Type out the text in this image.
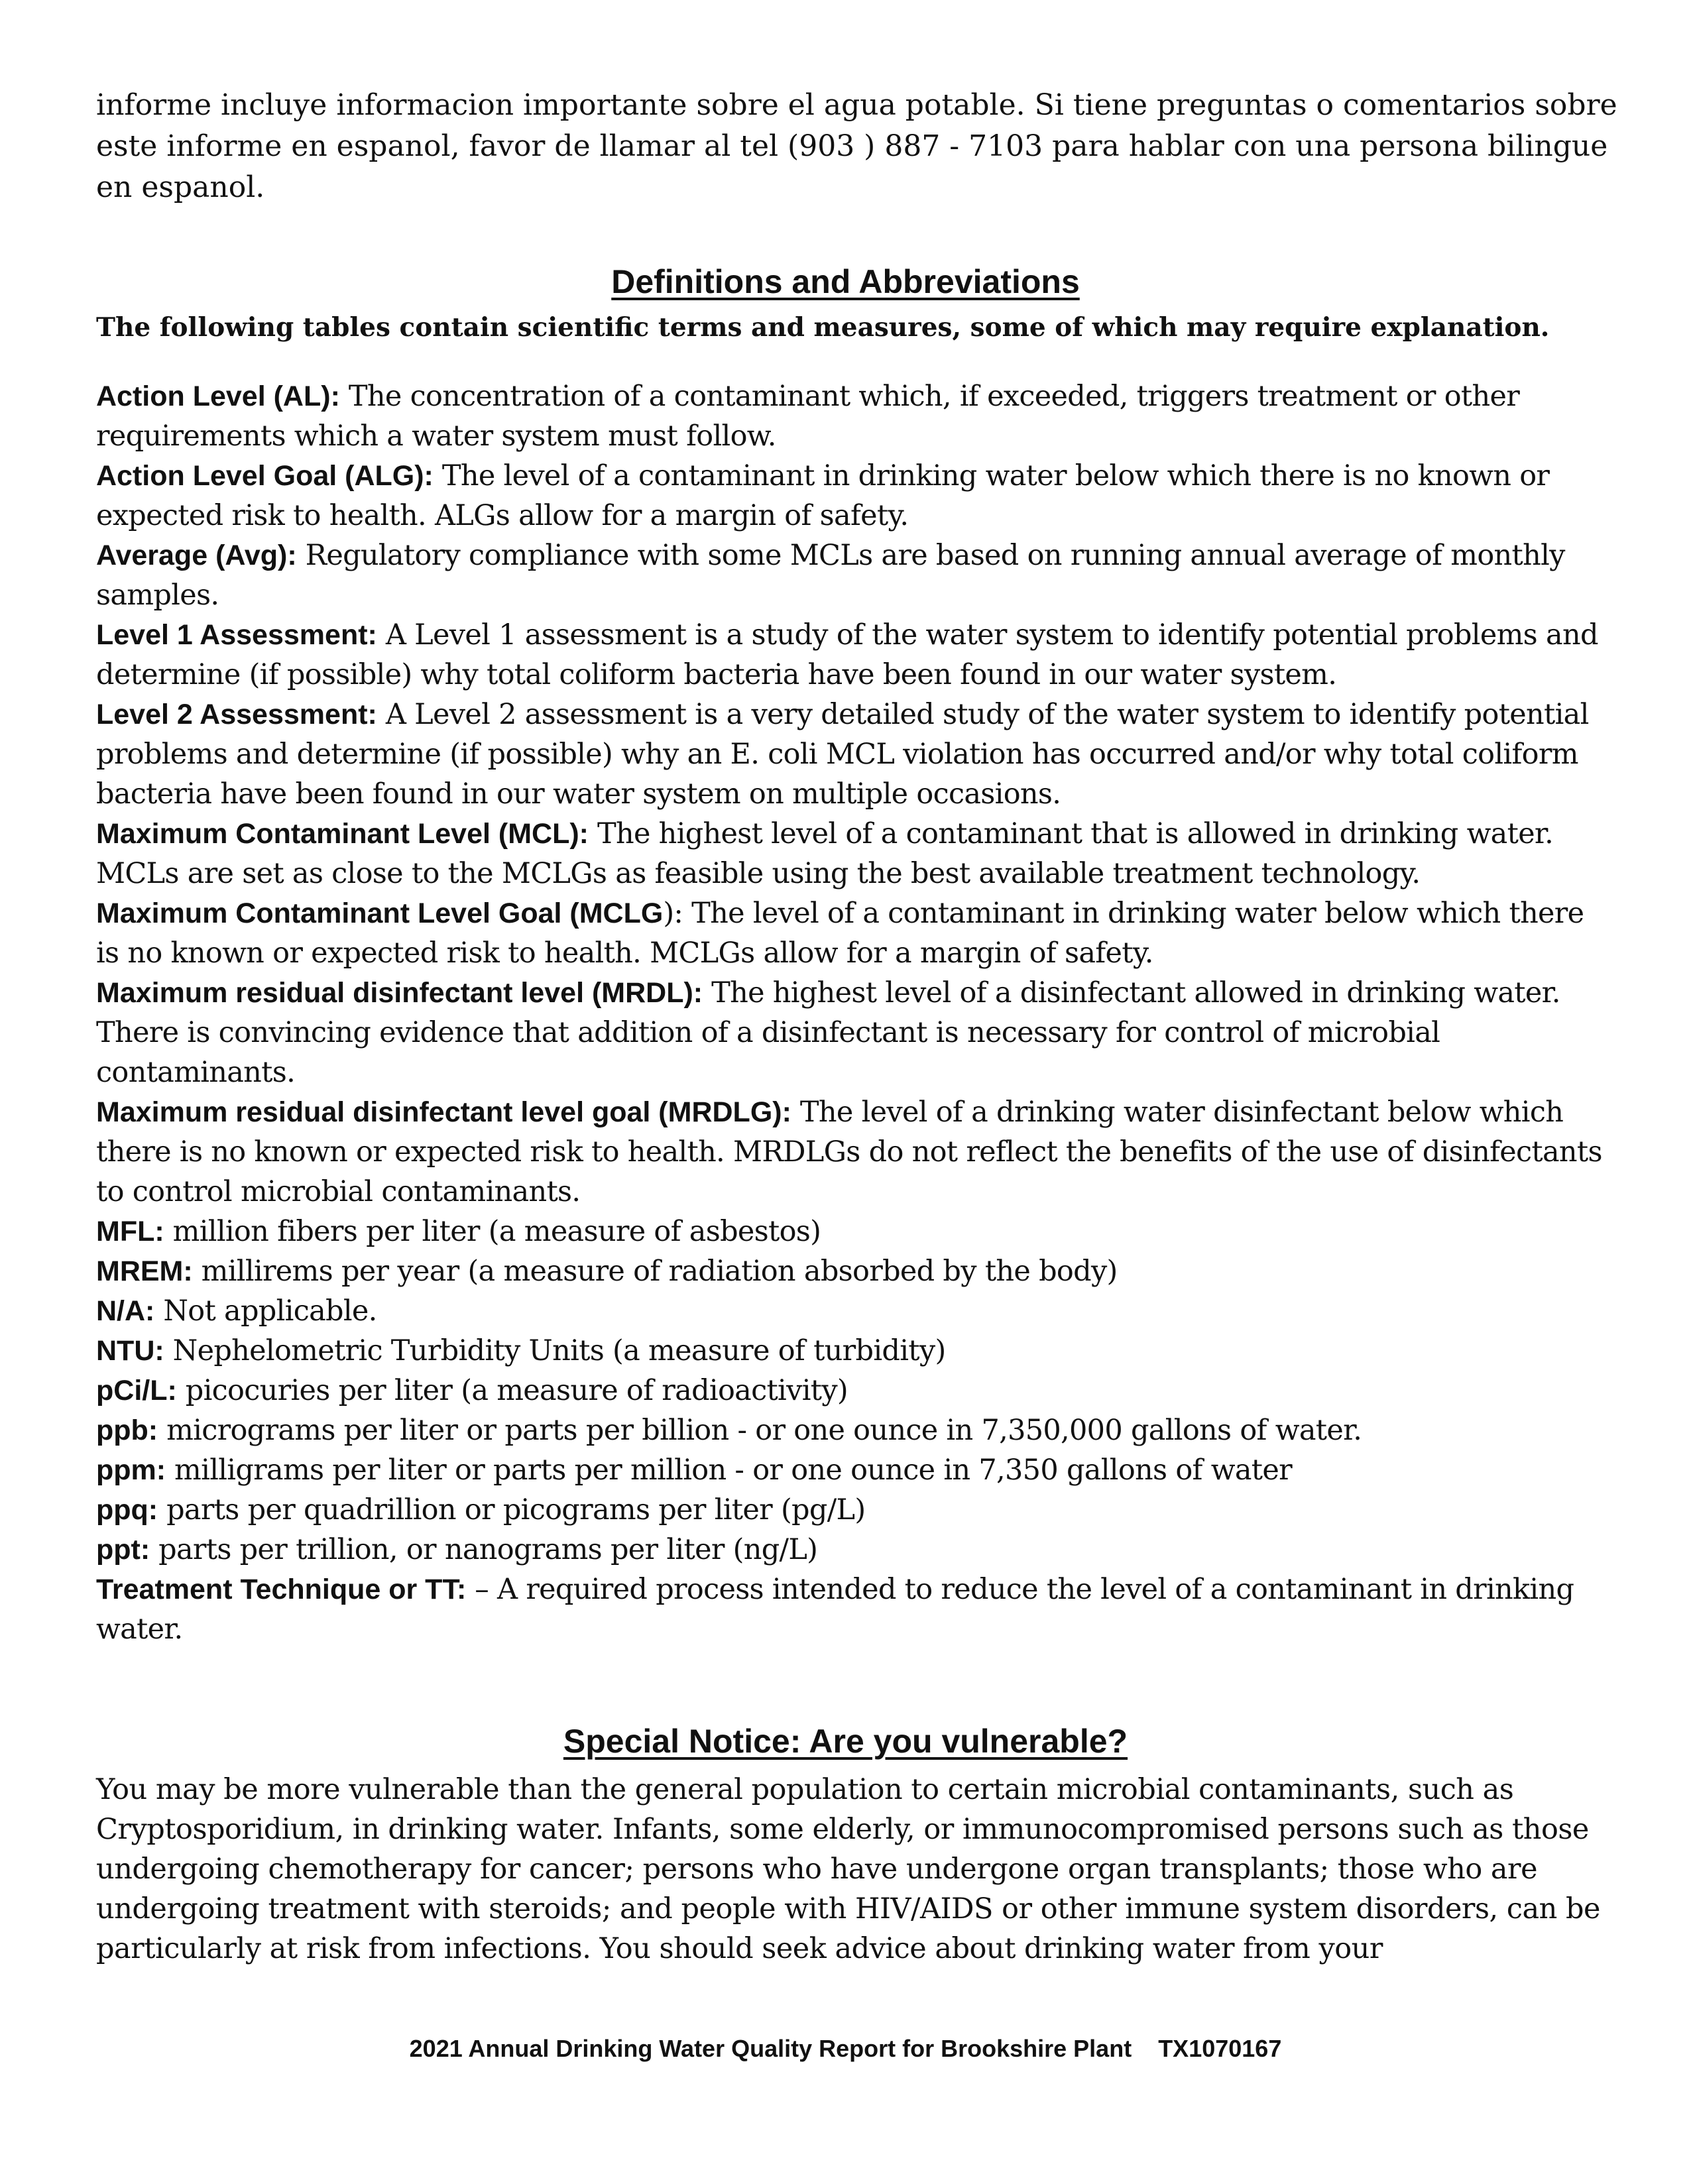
informe incluye informacion importante sobre el agua potable. Si tiene preguntas o comentarios sobre este informe en espanol, favor de llamar al tel (903 ) 887 - 7103 para hablar con una persona bilingue en espanol.

Definitions and Abbreviations

The following tables contain scientific terms and measures, some of which may require explanation.

Action Level (AL): The concentration of a contaminant which, if exceeded, triggers treatment or other requirements which a water system must follow.
Action Level Goal (ALG): The level of a contaminant in drinking water below which there is no known or expected risk to health. ALGs allow for a margin of safety.
Average (Avg): Regulatory compliance with some MCLs are based on running annual average of monthly samples.
Level 1 Assessment: A Level 1 assessment is a study of the water system to identify potential problems and determine (if possible) why total coliform bacteria have been found in our water system.
Level 2 Assessment: A Level 2 assessment is a very detailed study of the water system to identify potential problems and determine (if possible) why an E. coli MCL violation has occurred and/or why total coliform bacteria have been found in our water system on multiple occasions.
Maximum Contaminant Level (MCL): The highest level of a contaminant that is allowed in drinking water. MCLs are set as close to the MCLGs as feasible using the best available treatment technology.
Maximum Contaminant Level Goal (MCLG): The level of a contaminant in drinking water below which there is no known or expected risk to health. MCLGs allow for a margin of safety.
Maximum residual disinfectant level (MRDL): The highest level of a disinfectant allowed in drinking water. There is convincing evidence that addition of a disinfectant is necessary for control of microbial contaminants.
Maximum residual disinfectant level goal (MRDLG): The level of a drinking water disinfectant below which there is no known or expected risk to health. MRDLGs do not reflect the benefits of the use of disinfectants to control microbial contaminants.
MFL: million fibers per liter (a measure of asbestos)
MREM: millirems per year (a measure of radiation absorbed by the body)
N/A: Not applicable.
NTU: Nephelometric Turbidity Units (a measure of turbidity)
pCi/L: picocuries per liter (a measure of radioactivity)
ppb: micrograms per liter or parts per billion - or one ounce in 7,350,000 gallons of water.
ppm: milligrams per liter or parts per million - or one ounce in 7,350 gallons of water
ppq: parts per quadrillion or picograms per liter (pg/L)
ppt: parts per trillion, or nanograms per liter (ng/L)
Treatment Technique or TT: – A required process intended to reduce the level of a contaminant in drinking water.
Special Notice: Are you vulnerable?

You may be more vulnerable than the general population to certain microbial contaminants, such as Cryptosporidium, in drinking water. Infants, some elderly, or immunocompromised persons such as those undergoing chemotherapy for cancer; persons who have undergone organ transplants; those who are undergoing treatment with steroids; and people with HIV/AIDS or other immune system disorders, can be particularly at risk from infections. You should seek advice about drinking water from your

2021 Annual Drinking Water Quality Report for Brookshire Plant TX1070167
